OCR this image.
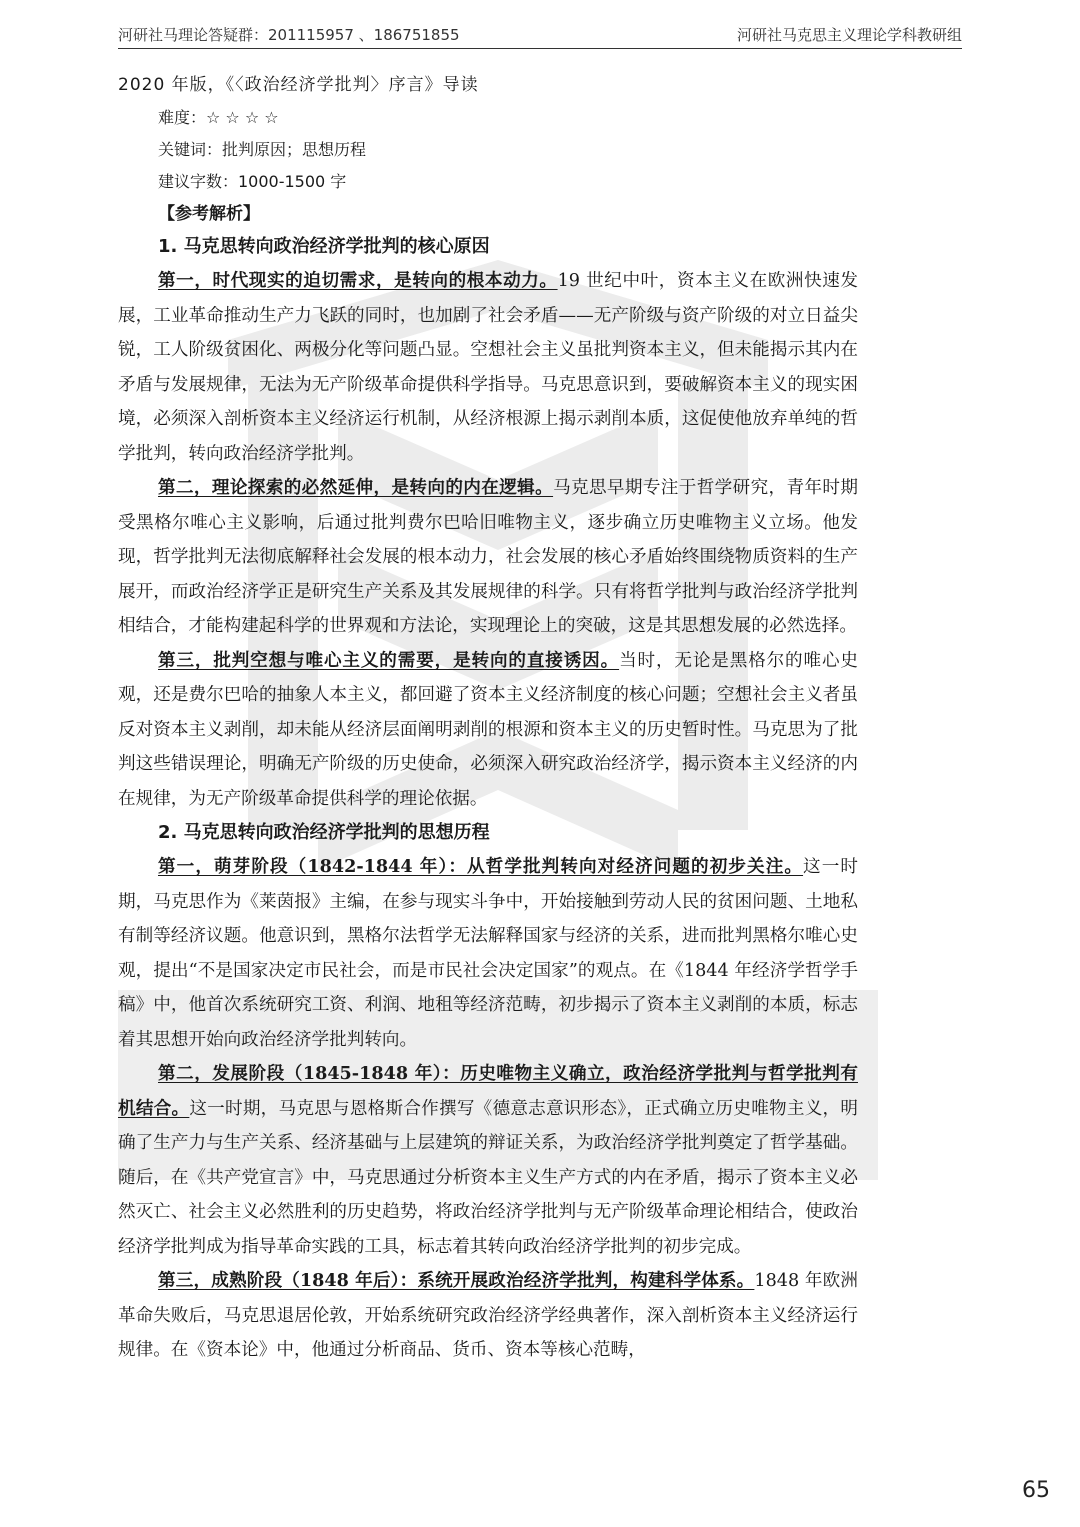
河研社马理论答疑群：201115957 、186751855	河研社马克思主义理论学科教研组
2020 年版，《〈政治经济学批判〉序言》导读
难度：☆ ☆ ☆ ☆
关键词：批判原因；思想历程
建议字数：1000-1500 字
【参考解析】
1. 马克思转向政治经济学批判的核心原因

第一，时代现实的迫切需求，是转向的根本动力。19 世纪中叶，资本主义在欧洲快速发展，工业革命推动生产力飞跃的同时，也加剧了社会矛盾——无产阶级与资产阶级的对立日益尖锐，工人阶级贫困化、两极分化等问题凸显。空想社会主义虽批判资本主义，但未能揭示其内在矛盾与发展规律，无法为无产阶级革命提供科学指导。马克思意识到，要破解资本主义的现实困境，必须深入剖析资本主义经济运行机制，从经济根源上揭示剥削本质，这促使他放弃单纯的哲学批判，转向政治经济学批判。

第二，理论探索的必然延伸，是转向的内在逻辑。马克思早期专注于哲学研究，青年时期受黑格尔唯心主义影响，后通过批判费尔巴哈旧唯物主义，逐步确立历史唯物主义立场。他发现，哲学批判无法彻底解释社会发展的根本动力，社会发展的核心矛盾始终围绕物质资料的生产展开，而政治经济学正是研究生产关系及其发展规律的科学。只有将哲学批判与政治经济学批判相结合，才能构建起科学的世界观和方法论，实现理论上的突破，这是其思想发展的必然选择。

第三，批判空想与唯心主义的需要，是转向的直接诱因。当时，无论是黑格尔的唯心史观，还是费尔巴哈的抽象人本主义，都回避了资本主义经济制度的核心问题；空想社会主义者虽反对资本主义剥削，却未能从经济层面阐明剥削的根源和资本主义的历史暂时性。马克思为了批判这些错误理论，明确无产阶级的历史使命，必须深入研究政治经济学，揭示资本主义经济的内在规律，为无产阶级革命提供科学的理论依据。

2. 马克思转向政治经济学批判的思想历程

第一，萌芽阶段（1842-1844 年）：从哲学批判转向对经济问题的初步关注。这一时期，马克思作为《莱茵报》主编，在参与现实斗争中，开始接触到劳动人民的贫困问题、土地私有制等经济议题。他意识到，黑格尔法哲学无法解释国家与经济的关系，进而批判黑格尔唯心史观，提出“不是国家决定市民社会，而是市民社会决定国家”的观点。在《1844 年经济学哲学手稿》中，他首次系统研究工资、利润、地租等经济范畴，初步揭示了资本主义剥削的本质，标志着其思想开始向政治经济学批判转向。

第二，发展阶段（1845-1848 年）：历史唯物主义确立，政治经济学批判与哲学批判有机结合。这一时期，马克思与恩格斯合作撰写《德意志意识形态》，正式确立历史唯物主义，明确了生产力与生产关系、经济基础与上层建筑的辩证关系，为政治经济学批判奠定了哲学基础。随后，在《共产党宣言》中，马克思通过分析资本主义生产方式的内在矛盾，揭示了资本主义必然灭亡、社会主义必然胜利的历史趋势，将政治经济学批判与无产阶级革命理论相结合，使政治经济学批判成为指导革命实践的工具，标志着其转向政治经济学批判的初步完成。

第三，成熟阶段（1848 年后）：系统开展政治经济学批判，构建科学体系。1848 年欧洲革命失败后，马克思退居伦敦，开始系统研究政治经济学经典著作，深入剖析资本主义经济运行规律。在《资本论》中，他通过分析商品、货币、资本等核心范畴，

65
